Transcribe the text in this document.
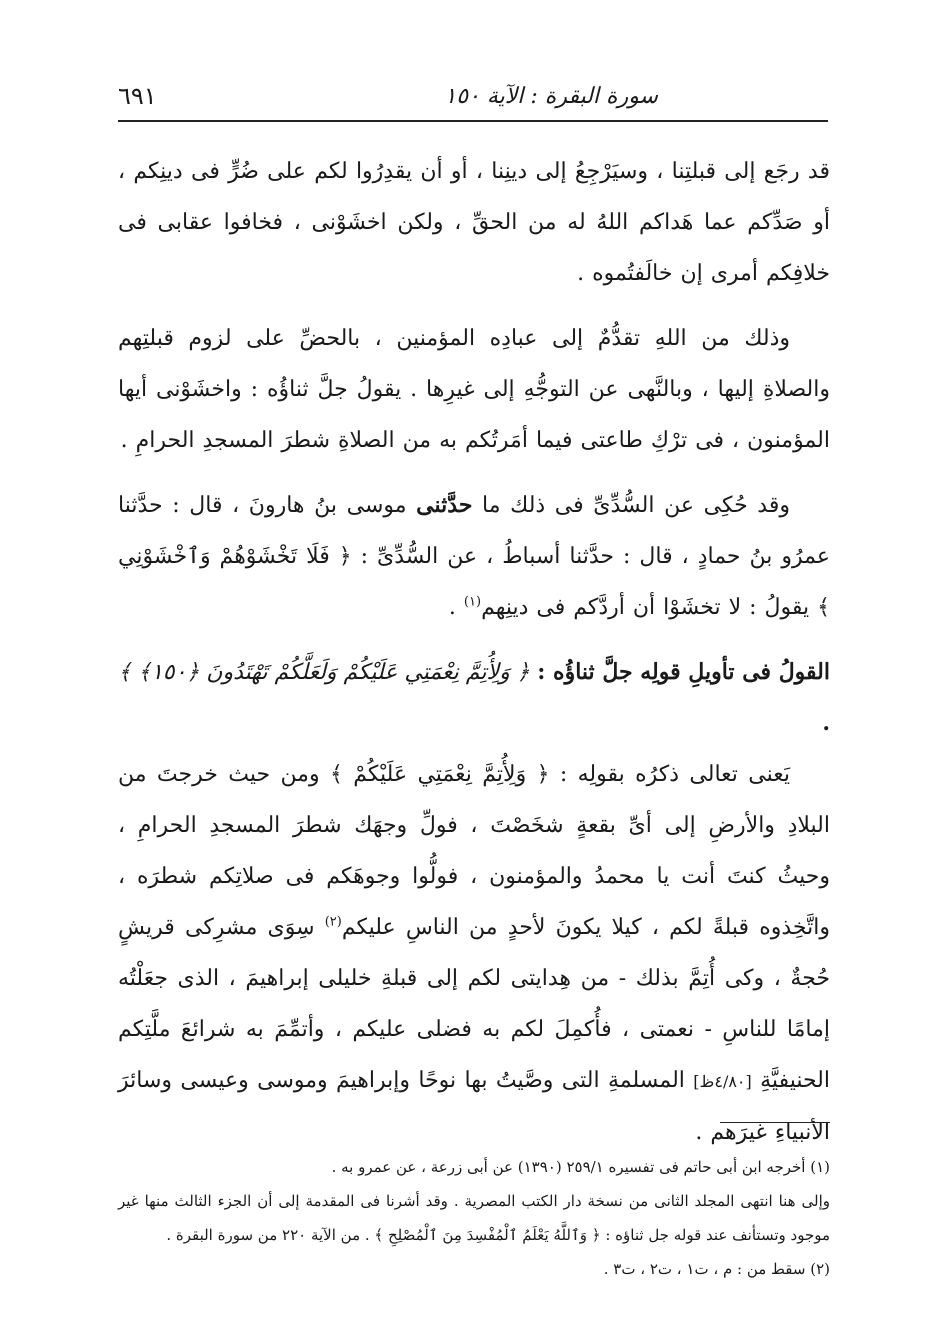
سورة البقرة : الآية ١٥٠
٦٩١

قد رجَع إلى قبلتِنا ، وسيَرْجِعُ إلى دينِنا ، أو أن يقدِرُوا لكم على ضُرٍّ فى دينِكم ، أو صَدِّكم عما هَداكم اللهُ له من الحقِّ ، ولكن اخشَوْنى ، فخافوا عقابى فى خلافِكم أمرى إن خالَفتُموه .

وذلك من اللهِ تقدُّمٌ إلى عبادِه المؤمنين ، بالحضِّ على لزوم قبلتِهم والصلاةِ إليها ، وبالنَّهى عن التوجُّهِ إلى غيرِها . يقولُ جلَّ ثناؤُه : واخشَوْنى أيها المؤمنون ، فى ترْكِ طاعتى فيما أمَرتُكم به من الصلاةِ شطرَ المسجدِ الحرامِ .

وقد حُكِى عن السُّدِّىِّ فى ذلك ما حدَّثنى موسى بنُ هارونَ ، قال : حدَّثنا عمرُو بنُ حمادٍ ، قال : حدَّثنا أسباطُ ، عن السُّدِّىِّ : ﴿ فَلَا تَخْشَوْهُمْ وَٱخْشَوْنِي ﴾ يقولُ : لا تخشَوْا أن أردَّكم فى دينِهم$^{(١)}$ .

القولُ فى تأويلِ قولِه جلَّ ثناؤُه : ﴿ وَلِأُتِمَّ نِعْمَتِي عَلَيْكُمْ وَلَعَلَّكُمْ تَهْتَدُونَ ﴿١٥٠﴾ ﴾ .

يَعنى تعالى ذكرُه بقولِه : ﴿ وَلِأُتِمَّ نِعْمَتِي عَلَيْكُمْ ﴾ ومن حيث خرجتَ من البلادِ والأرضِ إلى أىِّ بقعةٍ شخَصْتَ ، فولِّ وجهَك شطرَ المسجدِ الحرامِ ، وحيثُ كنتَ أنت يا محمدُ والمؤمنون ، فولُّوا وجوهَكم فى صلاتِكم شطرَه ، واتَّخِذوه قبلةً لكم ، كيلا يكونَ لأحدٍ من الناسِ عليكم$^{(٢)}$ سِوَى مشرِكى قريشٍ حُجةٌ ، وكى أُتِمَّ بذلك - من هِدايتى لكم إلى قبلةِ خليلى إبراهيمَ ، الذى جعَلْتُه إمامًا للناسِ - نعمتى ، فأُكمِلَ لكم به فضلى عليكم ، وأتمِّمَ به شرائعَ ملَّتِكم الحنيفيَّةِ [٤/٨٠ظ] المسلمةِ التى وصَّيتُ بها نوحًا وإبراهيمَ وموسى وعيسى وسائرَ الأنبياءِ غيرَهم .

(١) أخرجه ابن أبى حاتم فى تفسيره ٢٥٩/١ (١٣٩٠) عن أبى زرعة ، عن عمرو به .

وإلى هنا انتهى المجلد الثانى من نسخة دار الكتب المصرية . وقد أشرنا فى المقدمة إلى أن الجزء الثالث منها غير موجود وتستأنف عند قوله جل ثناؤه : ﴿ وَٱللَّهُ يَعْلَمُ ٱلْمُفْسِدَ مِنَ ٱلْمُصْلِحِ ﴾ . من الآية ٢٢٠ من سورة البقرة .

(٢) سقط من : م ، ت١ ، ت٢ ، ت٣ .
